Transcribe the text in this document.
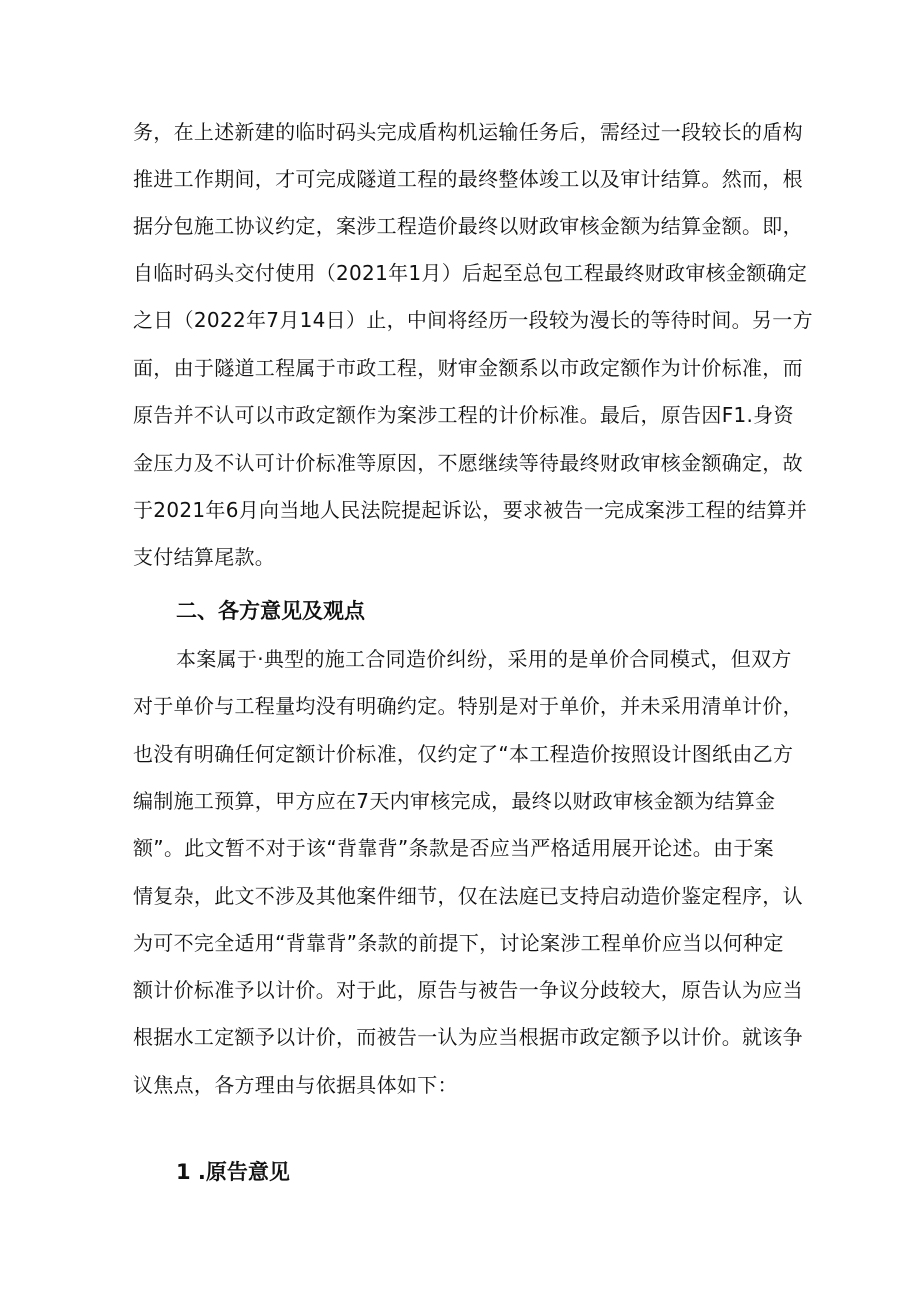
务，在上述新建的临时码头完成盾构机运输任务后，需经过一段较长的盾构
推进工作期间，才可完成隧道工程的最终整体竣工以及审计结算。然而，根
据分包施工协议约定，案涉工程造价最终以财政审核金额为结算金额。即，
自临时码头交付使用（2021年1月）后起至总包工程最终财政审核金额确定
之日（2022年7月14日）止，中间将经历一段较为漫长的等待时间。另一方
面，由于隧道工程属于市政工程，财审金额系以市政定额作为计价标准，而
原告并不认可以市政定额作为案涉工程的计价标准。最后，原告因F1.身资
金压力及不认可计价标准等原因，不愿继续等待最终财政审核金额确定，故
于2021年6月向当地人民法院提起诉讼，要求被告一完成案涉工程的结算并
支付结算尾款。
二、各方意见及观点
本案属于·典型的施工合同造价纠纷，采用的是单价合同模式，但双方
对于单价与工程量均没有明确约定。特别是对于单价，并未采用清单计价，
也没有明确任何定额计价标准，仅约定了“本工程造价按照设计图纸由乙方
编制施工预算，甲方应在7天内审核完成，最终以财政审核金额为结算金
额”。此文暂不对于该“背靠背”条款是否应当严格适用展开论述。由于案
情复杂，此文不涉及其他案件细节，仅在法庭已支持启动造价鉴定程序，认
为可不完全适用“背靠背”条款的前提下，讨论案涉工程单价应当以何种定
额计价标准予以计价。对于此，原告与被告一争议分歧较大，原告认为应当
根据水工定额予以计价，而被告一认为应当根据市政定额予以计价。就该争
议焦点，各方理由与依据具体如下：
1 .原告意见
